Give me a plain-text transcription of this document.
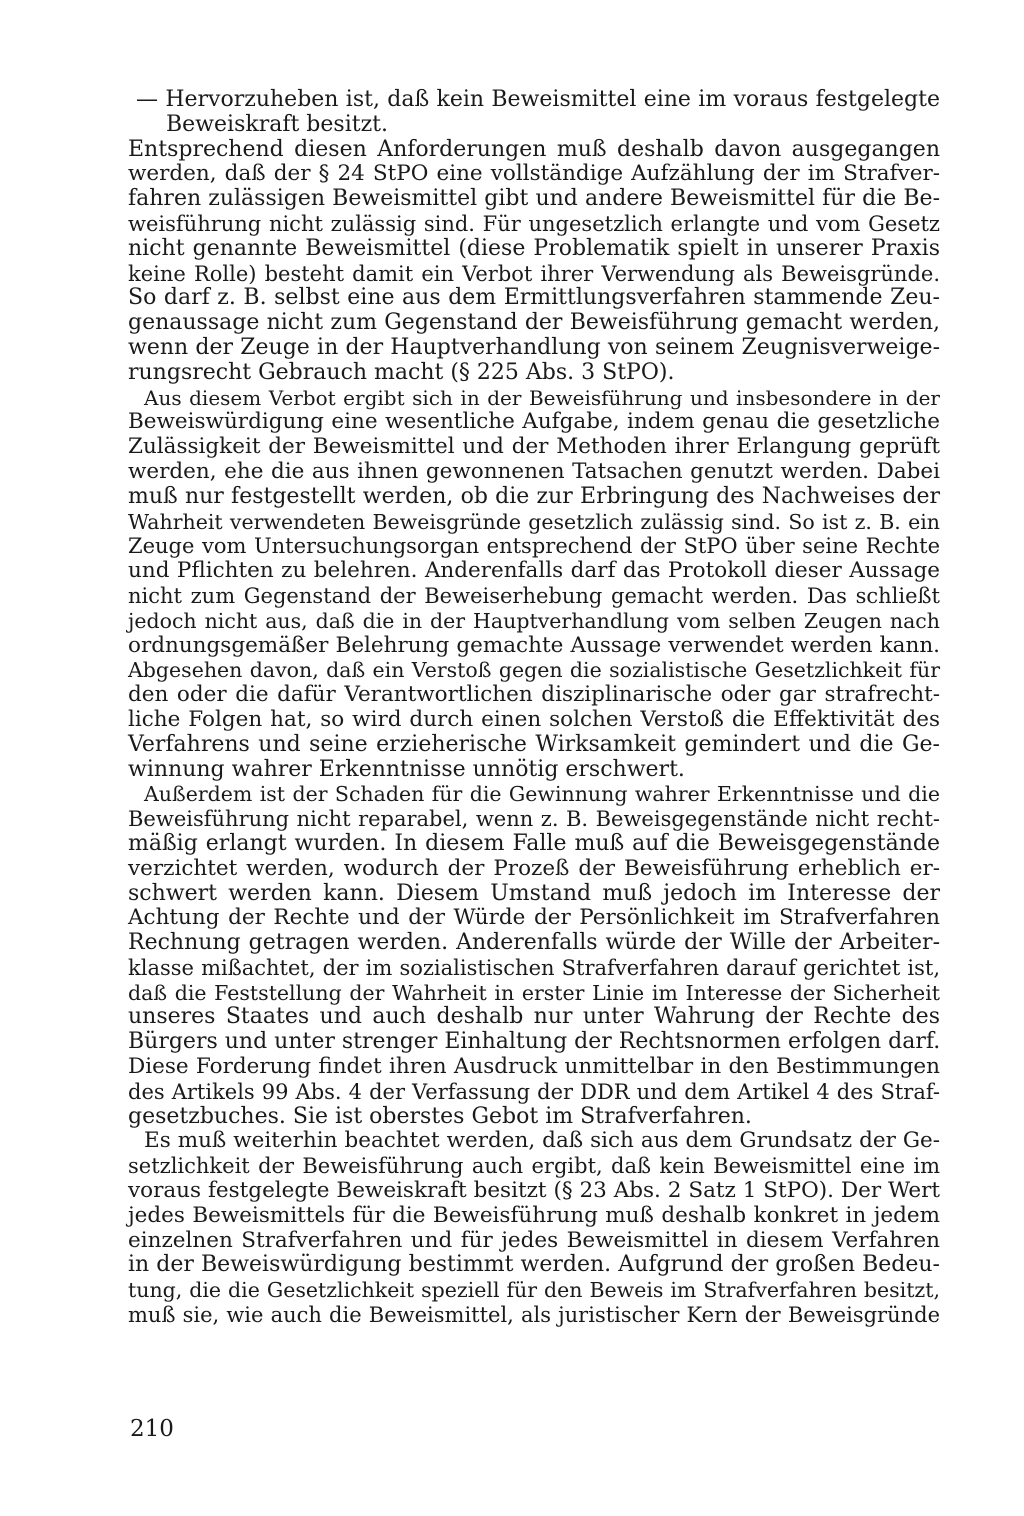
— Hervorzuheben ist, daß kein Beweismittel eine im voraus festgelegte
Beweiskraft besitzt.
Entsprechend diesen Anforderungen muß deshalb davon ausgegangen
werden, daß der § 24 StPO eine vollständige Aufzählung der im Strafver-
fahren zulässigen Beweismittel gibt und andere Beweismittel für die Be-
weisführung nicht zulässig sind. Für ungesetzlich erlangte und vom Gesetz
nicht genannte Beweismittel (diese Problematik spielt in unserer Praxis
keine Rolle) besteht damit ein Verbot ihrer Verwendung als Beweisgründe.
So darf z. B. selbst eine aus dem Ermittlungsverfahren stammende Zeu-
genaussage nicht zum Gegenstand der Beweisführung gemacht werden,
wenn der Zeuge in der Hauptverhandlung von seinem Zeugnisverweige-
rungsrecht Gebrauch macht (§ 225 Abs. 3 StPO).
Aus diesem Verbot ergibt sich in der Beweisführung und insbesondere in der
Beweiswürdigung eine wesentliche Aufgabe, indem genau die gesetzliche
Zulässigkeit der Beweismittel und der Methoden ihrer Erlangung geprüft
werden, ehe die aus ihnen gewonnenen Tatsachen genutzt werden. Dabei
muß nur festgestellt werden, ob die zur Erbringung des Nachweises der
Wahrheit verwendeten Beweisgründe gesetzlich zulässig sind. So ist z. B. ein
Zeuge vom Untersuchungsorgan entsprechend der StPO über seine Rechte
und Pflichten zu belehren. Anderenfalls darf das Protokoll dieser Aussage
nicht zum Gegenstand der Beweiserhebung gemacht werden. Das schließt
jedoch nicht aus, daß die in der Hauptverhandlung vom selben Zeugen nach
ordnungsgemäßer Belehrung gemachte Aussage verwendet werden kann.
Abgesehen davon, daß ein Verstoß gegen die sozialistische Gesetzlichkeit für
den oder die dafür Verantwortlichen disziplinarische oder gar strafrecht-
liche Folgen hat, so wird durch einen solchen Verstoß die Effektivität des
Verfahrens und seine erzieherische Wirksamkeit gemindert und die Ge-
winnung wahrer Erkenntnisse unnötig erschwert.
Außerdem ist der Schaden für die Gewinnung wahrer Erkenntnisse und die
Beweisführung nicht reparabel, wenn z. B. Beweisgegenstände nicht recht-
mäßig erlangt wurden. In diesem Falle muß auf die Beweisgegenstände
verzichtet werden, wodurch der Prozeß der Beweisführung erheblich er-
schwert werden kann. Diesem Umstand muß jedoch im Interesse der
Achtung der Rechte und der Würde der Persönlichkeit im Strafverfahren
Rechnung getragen werden. Anderenfalls würde der Wille der Arbeiter-
klasse mißachtet, der im sozialistischen Strafverfahren darauf gerichtet ist,
daß die Feststellung der Wahrheit in erster Linie im Interesse der Sicherheit
unseres Staates und auch deshalb nur unter Wahrung der Rechte des
Bürgers und unter strenger Einhaltung der Rechtsnormen erfolgen darf.
Diese Forderung findet ihren Ausdruck unmittelbar in den Bestimmungen
des Artikels 99 Abs. 4 der Verfassung der DDR und dem Artikel 4 des Straf-
gesetzbuches. Sie ist oberstes Gebot im Strafverfahren.
Es muß weiterhin beachtet werden, daß sich aus dem Grundsatz der Ge-
setzlichkeit der Beweisführung auch ergibt, daß kein Beweismittel eine im
voraus festgelegte Beweiskraft besitzt (§ 23 Abs. 2 Satz 1 StPO). Der Wert
jedes Beweismittels für die Beweisführung muß deshalb konkret in jedem
einzelnen Strafverfahren und für jedes Beweismittel in diesem Verfahren
in der Beweiswürdigung bestimmt werden. Aufgrund der großen Bedeu-
tung, die die Gesetzlichkeit speziell für den Beweis im Strafverfahren besitzt,
muß sie, wie auch die Beweismittel, als juristischer Kern der Beweisgründe
210
